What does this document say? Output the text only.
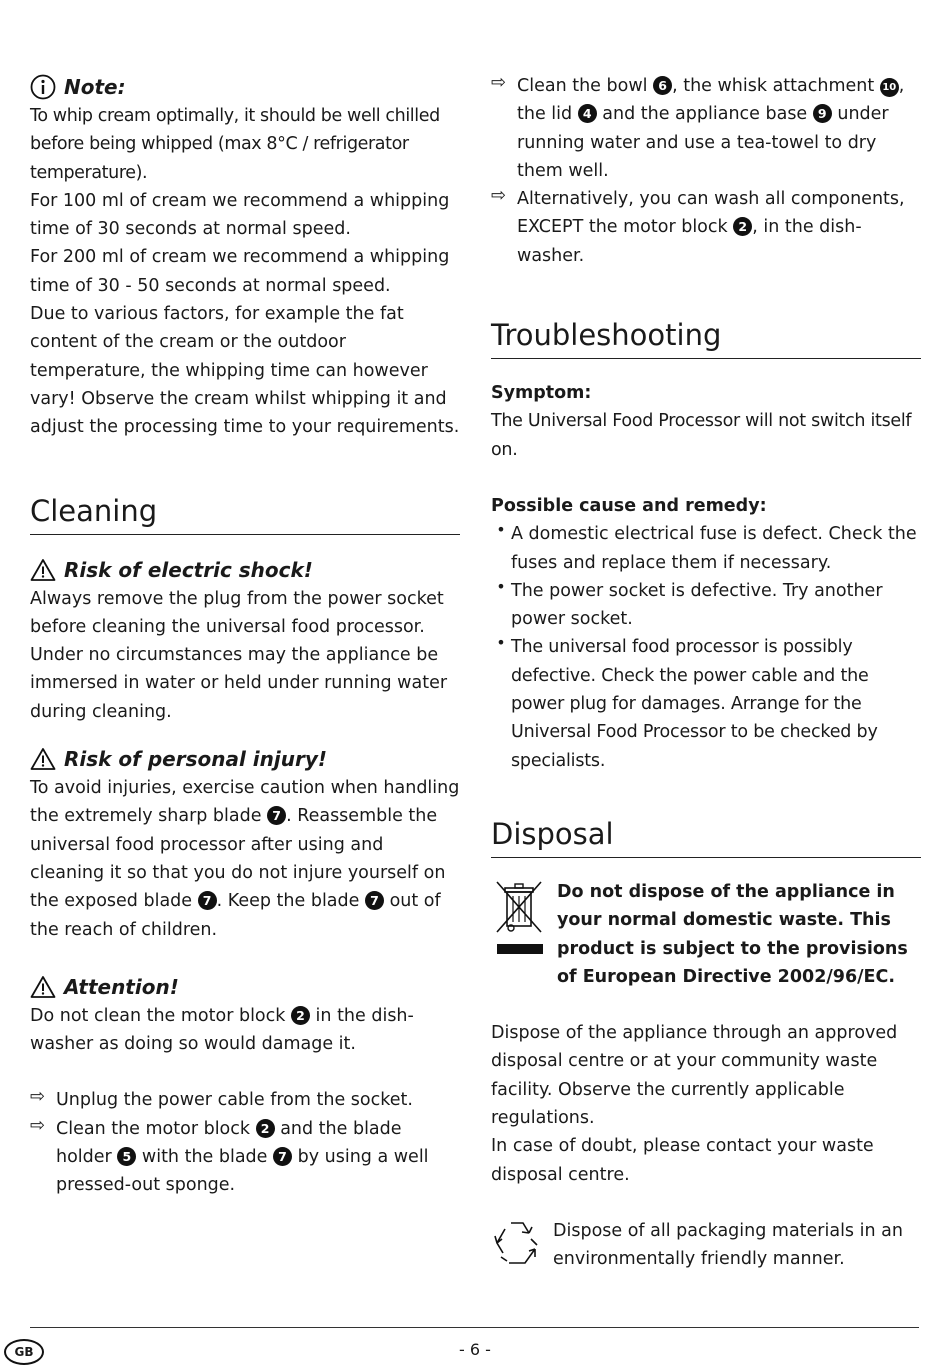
Note:

To whip cream optimally, it should be well chilled before being whipped (max 8°C / refrigerator temperature).

For 100 ml of cream we recommend a whipping time of 30 seconds at normal speed.

For 200 ml of cream we recommend a whipping time of 30 - 50 seconds at normal speed.

Due to various factors, for example the fat content of the cream or the outdoor temperature, the whipping time can however vary! Observe the cream whilst whipping it and adjust the processing time to your requirements.

Cleaning
Risk of electric shock!

Always remove the plug from the power socket before cleaning the universal food processor. Under no circumstances may the appliance be immersed in water or held under running water during cleaning.

Risk of personal injury!

To avoid injuries, exercise caution when handling the extremely sharp blade 7 . Reassemble the universal food processor after using and cleaning it so that you do not injure yourself on the exposed blade 7 . Keep the blade 7 out of the reach of children.

Attention!

Do not clean the motor block 2 in the dish-washer as doing so would damage it.

⇨ Unplug the power cable from the socket.

⇨ Clean the motor block 2 and the blade holder 5 with the blade 7 by using a well pressed-out sponge.

⇨ Clean the bowl 6 , the whisk attachment 10 , the lid 4 and the appliance base 9 under running water and use a tea-towel to dry them well.

⇨ Alternatively, you can wash all components, EXCEPT the motor block 2 , in the dish-washer.

Troubleshooting

Symptom:

The Universal Food Processor will not switch itself on.

Possible cause and remedy:

• A domestic electrical fuse is defect. Check the fuses and replace them if necessary.

• The power socket is defective. Try another power socket.

• The universal food processor is possibly defective. Check the power cable and the power plug for damages. Arrange for the Universal Food Processor to be checked by specialists.

Disposal

Do not dispose of the appliance in your normal domestic waste. This product is subject to the provisions of European Directive 2002/96/EC.

Dispose of the appliance through an approved disposal centre or at your community waste facility. Observe the currently applicable regulations.

In case of doubt, please contact your waste disposal centre.

Dispose of all packaging materials in an environmentally friendly manner.

GB	- 6 -
